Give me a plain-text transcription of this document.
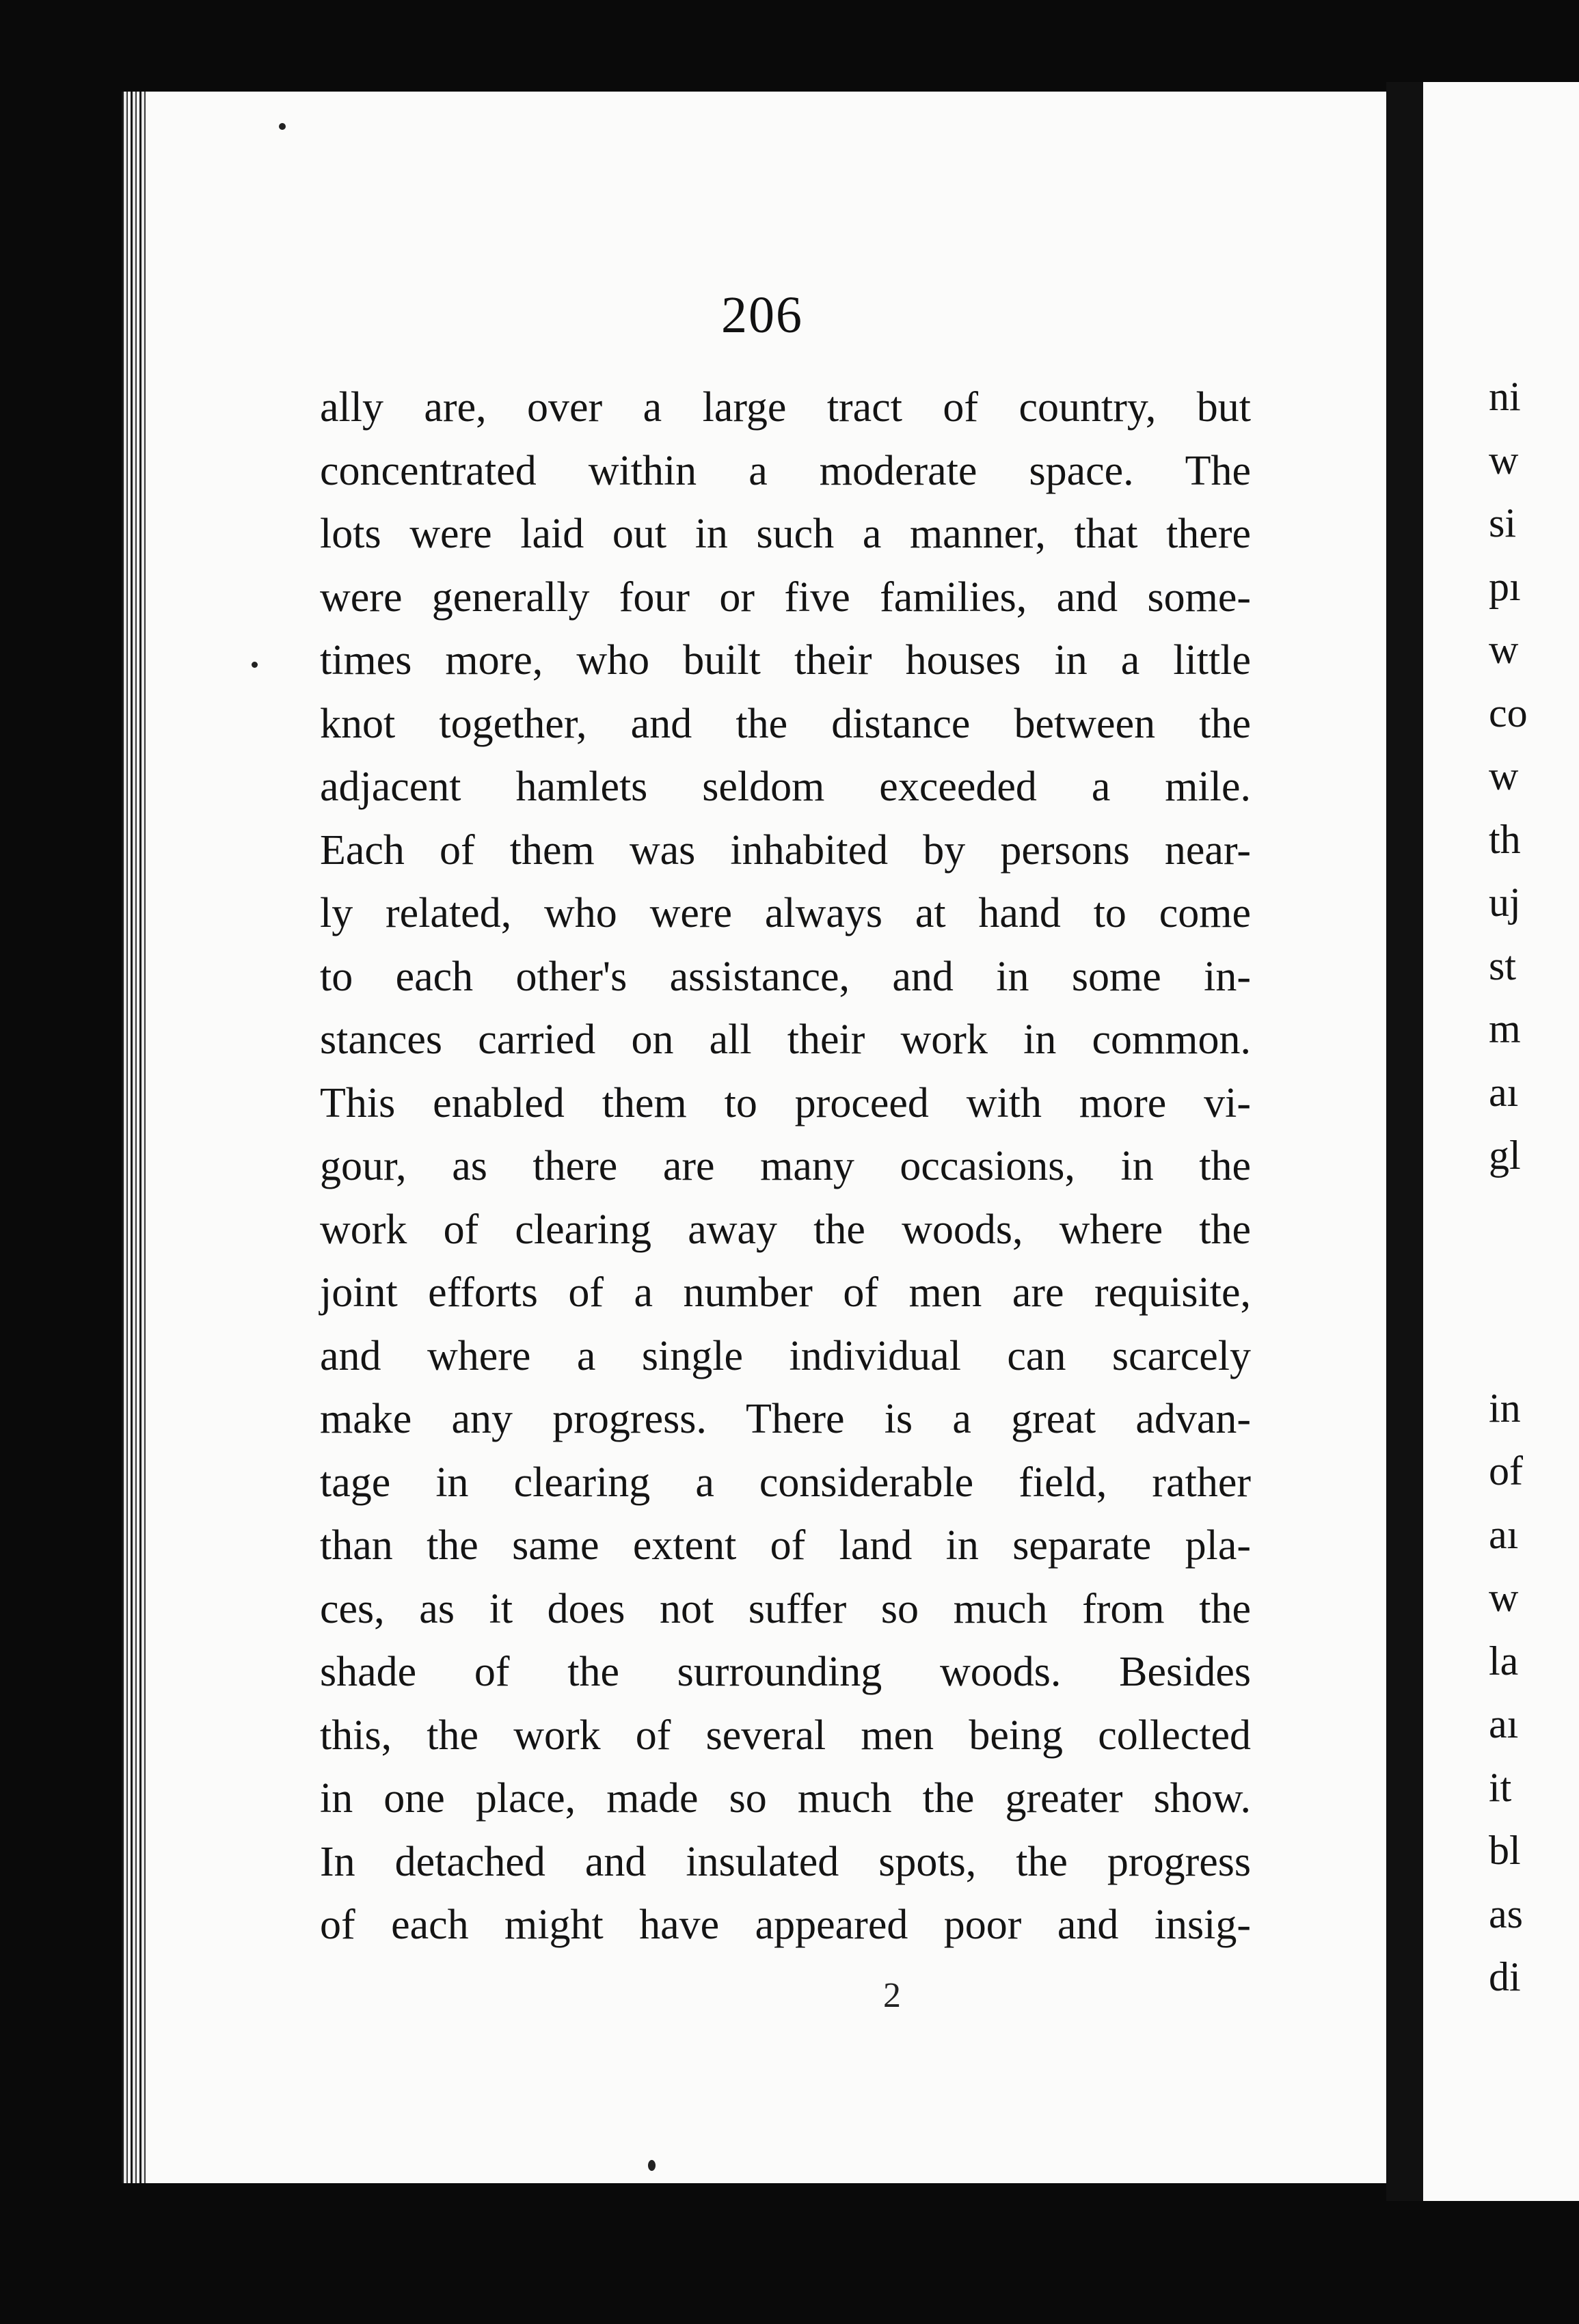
206
ally are, over a large tract of country, but
concentrated within a moderate space. The
lots were laid out in such a manner, that there
were generally four or five families, and some-
times more, who built their houses in a little
knot together, and the distance between the
adjacent hamlets seldom exceeded a mile.
Each of them was inhabited by persons near-
ly related, who were always at hand to come
to each other's assistance, and in some in-
stances carried on all their work in common.
This enabled them to proceed with more vi-
gour, as there are many occasions, in the
work of clearing away the woods, where the
joint efforts of a number of men are requisite,
and where a single individual can scarcely
make any progress. There is a great advan-
tage in clearing a considerable field, rather
than the same extent of land in separate pla-
ces, as it does not suffer so much from the
shade of the surrounding woods. Besides
this, the work of several men being collected
in one place, made so much the greater show.
In detached and insulated spots, the progress
of each might have appeared poor and insig-
2
ni
w
si
pı
w
co
w
th
uj
st
m
aı
gl
in
of
aı
w
la
aı
it
bl
as
di
